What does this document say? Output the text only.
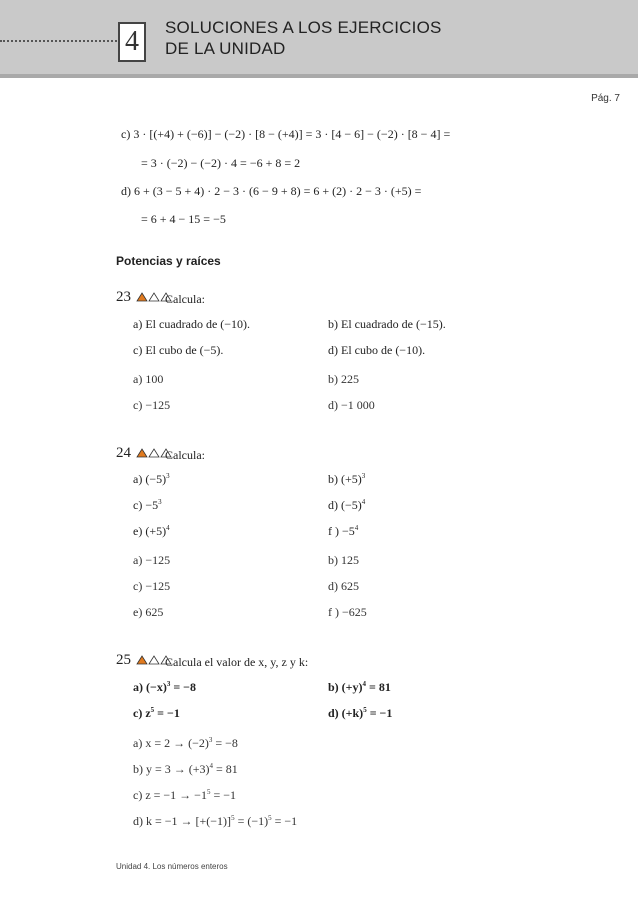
4 SOLUCIONES A LOS EJERCICIOS
DE LA UNIDAD
Pág. 7
c) 3 · [(+4) + (−6)] − (−2) · [8 − (+4)] = 3 · [4 − 6] − (−2) · [8 − 4] =
= 3 · (−2) − (−2) · 4 = −6 + 8 = 2
d) 6 + (3 − 5 + 4) · 2 − 3 · (6 − 9 + 8) = 6 + (2) · 2 − 3 · (+5) =
= 6 + 4 − 15 = −5
Potencias y raíces
23	Calcula:
a) El cuadrado de (−10).	b) El cuadrado de (−15).
c) El cubo de (−5).	d) El cubo de (−10).
a) 100	b) 225
c) −125	d) −1 000
24	Calcula:
a) $(-5)^3$	b) $(+5)^3$
$c) -5^3$	d) $(-5)^4$
e) $(+5)^4$	f ) $-5^4$
a) −125	b) 125
c) −125	d) 625
e) 625	f ) −625
25	Calcula el valor de x, y, z y k:
a) $(-x)^3 = -8$	b) $(+y)^4 = 81$
c) $z^5 = -1$	d) $(+k)^5 = -1$
a) $x = 2 \to (-2)^3 = -8$
b) $y = 3 \to (+3)^4 = 81$
c) $z = -1 \to -1^5 = -1$
d) $k = -1 \to [+(-1)]^5 = (-1)^5 = -1$
Unidad 4. Los números enteros
